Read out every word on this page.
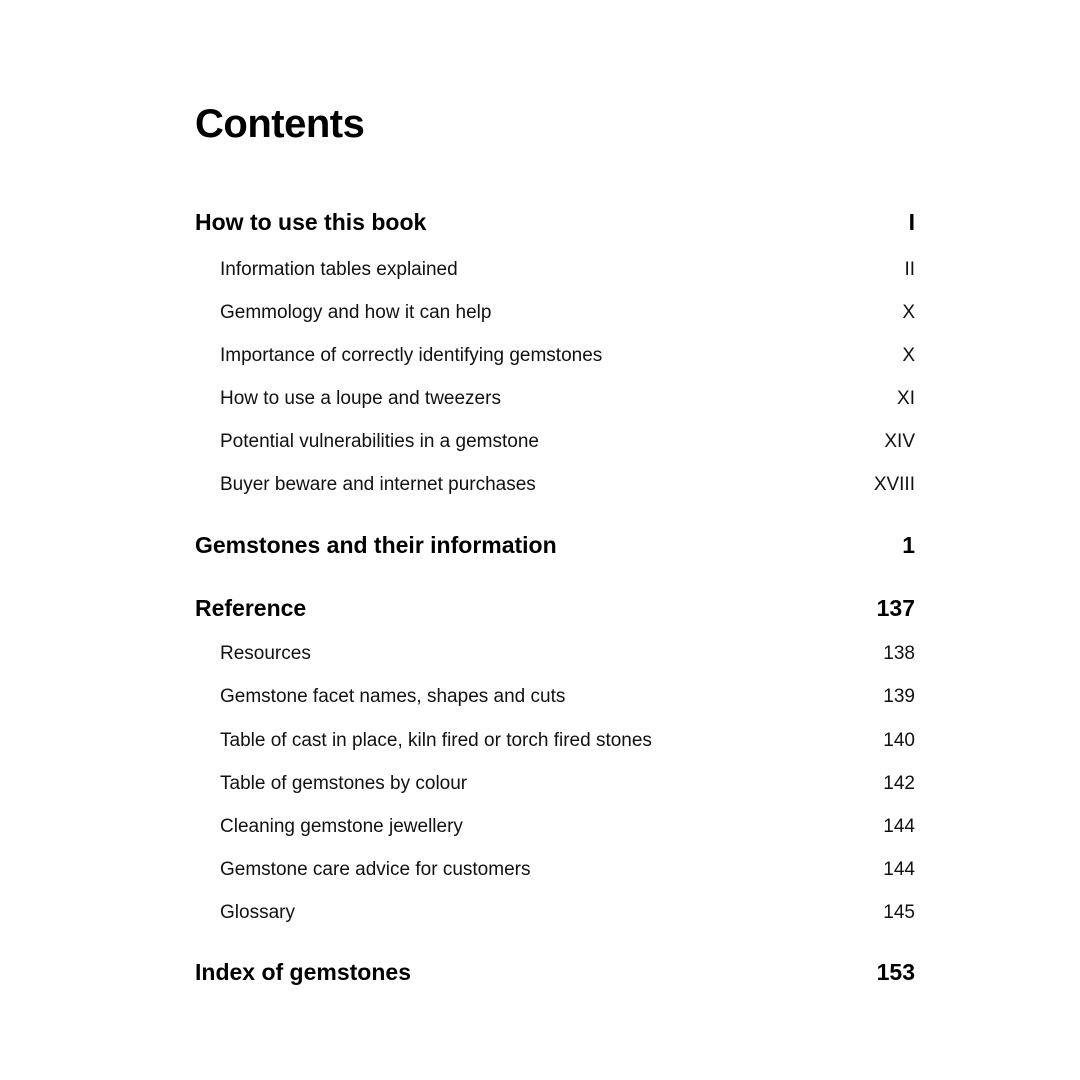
Contents
How to use this book	I
Information tables explained	II
Gemmology and how it can help	X
Importance of correctly identifying gemstones	X
How to use a loupe and tweezers	XI
Potential vulnerabilities in a gemstone	XIV
Buyer beware and internet purchases	XVIII
Gemstones and their information	1
Reference	137
Resources	138
Gemstone facet names, shapes and cuts	139
Table of cast in place, kiln fired or torch fired stones	140
Table of gemstones by colour	142
Cleaning gemstone jewellery	144
Gemstone care advice for customers	144
Glossary	145
Index of gemstones	153
